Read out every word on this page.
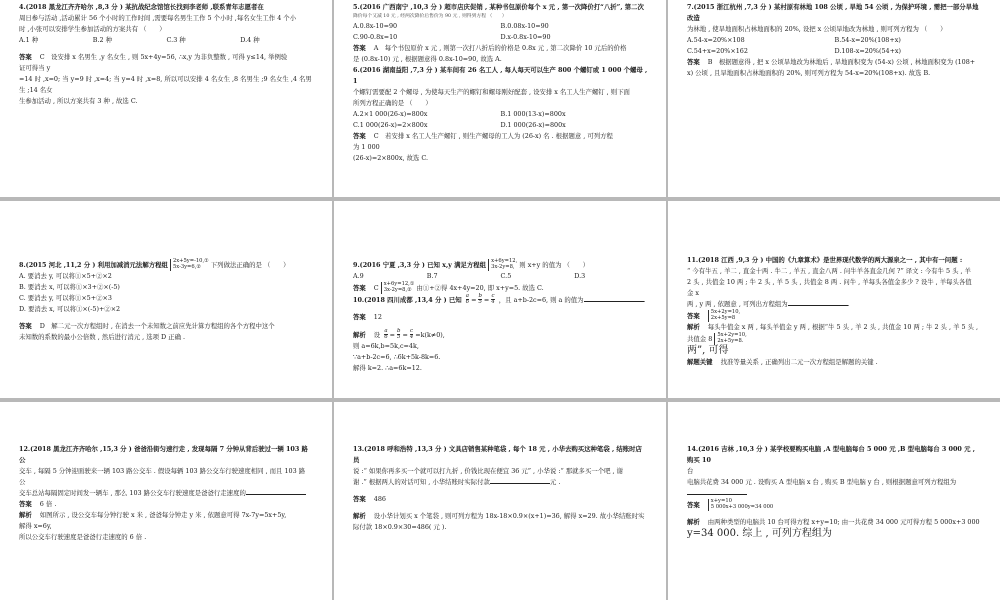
4.(2018 黑龙江齐齐哈尔 ,8,3 分 ) 某抗战纪念馆馆长找到李老师 ,联系青年志愿者在

周日参与活动 ,活动累计 56 个小时的工作时间 ,需要每名男生工作 5 个小时 ,每名女生工作 4 个小

时 ,小张可以安排学生参加活动的方案共有 （　　）

A.1 种	B.2 种	C.3 种	D.4 种

答案 C　设安排 x 名男生 ,y 名女生 , 则 5x+4y=56, ∴x,y 为非负整数 , 可得 y≤14, 举例验

证可得当 y

=14 时 ,x=0; 当 y=9 时 ,x=4; 当 y=4 时 ,x=8, 所以可以安排 4 名女生 ,8 名男生 ;9 名女生 ,4 名男生 ;14 名女

生参加活动 , 所以方案共有 3 种 , 故选 C.

5.(2016 广西南宁 ,10,3 分 ) 超市店庆促销 , 某种书包原价每个 x 元 , 第一次降价打“八折”, 第二次

降价每个又减 10 元 , 经两次降价后售价为 90 元 , 则得到方程 （　　）

A.0.8x-10=90	B.0.08x-10=90
C.90-0.8x=10	D.x-0.8x-10=90

答案 A　每个书包原价 x 元 , 则第一次打八折后的价格是 0.8x 元 , 第二次降价 10 元后的价格

是 (0.8x-10) 元 , 根据题意得 0.8x-10=90, 故选 A.

6.(2016 湖南益阳 ,7,3 分 ) 某车间有 26 名工人 , 每人每天可以生产 800 个螺钉或 1 000 个螺母 , 1

个螺钉需要配 2 个螺母 , 为使每天生产的螺钉和螺母刚好配套 , 设安排 x 名工人生产螺钉 , 则下面

所列方程正确的是 （　　）

A.2×1 000(26-x)=800x	B.1 000(13-x)=800x
C.1 000(26-x)=2×800x	D.1 000(26-x)=800x

答案 C　若安排 x 名工人生产螺钉 , 则生产螺母的工人为 (26-x) 名 . 根据题意 , 可列方程

为 1 000

(26-x)=2×800x, 故选 C.

7.(2015 浙江杭州 ,7,3 分 ) 某村原有林地 108 公顷 , 旱地 54 公顷 , 为保护环境 , 需把一部分旱地改造

为林地 , 使旱地面积占林地面积的 20%, 设把 x 公顷旱地改为林地 , 则可列方程为 （　　）

A.54-x=20%×108	B.54-x=20%(108+x)
C.54+x=20%×162	D.108-x=20%(54+x)

答案 B　根据题意得 , 把 x 公顷旱地改为林地后 , 旱地面积变为 (54-x) 公顷 , 林地面积变为 (108+

x) 公顷 , 且旱地面积占林地面积的 20%, 则可列方程为 54-x=20%(108+x). 故选 B.

8.(2015 河北 ,11,2 分 ) 利用加减消元法解方程组 2x+5y=-10,①
5x-3y=6,② 下列做法正确的是 （　　）

A. 要消去 y, 可以将①×5+②×2

B. 要消去 x, 可以将①×3+②×(-5)

C. 要消去 y, 可以将①×5+②×3

D. 要消去 x, 可以将①×(-5)+②×2

答案 D　解二元一次方程组时 , 在消去一个未知数之前应先计算方程组的各个方程中这个

未知数的系数的最小公倍数 , 然后进行消元 , 选项 D 正确 .

9.(2016 宁夏 ,3,3 分 ) 已知 x,y 满足方程组 x+6y=12,
3x-2y=8, 则 x+y 的值为 （　　）

A.9	B.7	C.5	D.3

答案 C x+6y=12,①
3x-2y=8,② 由①+②得 4x+4y=20, 即 x+y=5. 故选 C.

10.(2018 四川成都 ,13,4 分 ) 已知 $\frac{a}{6} = \frac{b}{5} = \frac{c}{4}$ ，且 a+b-2c=6, 则 a 的值为	.

答案 12

解析 设 $\frac{a}{6} = \frac{b}{5} = \frac{c}{4} =k(k\ne 0)$,

则 a=6k,b=5k,c=4k,

∵a+b-2c=6, ∴6k+5k-8k=6.

解得 k=2. ∴a=6k=12.

11.(2018 江西 ,9,3 分 ) 中国的《九章算术》是世界现代数学的两大源泉之一 , 其中有一问题 :

“ 今有牛五 , 羊二 , 直金十两 . 牛二 , 羊五 , 直金八两 . 问牛羊各直金几何 ?” 译文 : 今有牛 5 头 , 羊

2 头 , 共值金 10 两 ; 牛 2 头 , 羊 5 头 , 共值金 8 两 . 问牛 , 羊每头各值金多少 ? 设牛 , 羊每头各值

金 x

两 , y 两 , 依题意 , 可列出方程组为	.

答案 5x+2y=10,
2x+5y=8

解析 每头牛值金 x 两 , 每头羊值金 y 两 , 根据“牛 5 头 , 羊 2 头 , 共值金 10 两 ; 牛 2 头 , 羊 5 头 ,

共值金 8 5x+2y=10,
2x+5y=8.

两”, 可得

解题关键 找准等量关系 , 正确列出二元一次方程组是解题的关键 .

12.(2018 黑龙江齐齐哈尔 ,15,3 分 ) 爸爸沿街匀速行走 , 发现每隔 7 分钟从背后驶过一辆 103 路公

交车 , 每隔 5 分钟迎面驶来一辆 103 路公交车 . 假设每辆 103 路公交车行驶速度相同 , 而且 103 路

公

交车总站每隔固定时间发一辆车 , 那么 103 路公交车行驶速度是爸爸行走速度的

答案 6 倍 .

解析 如图所示 , 设公交车每分钟行驶 x 米 , 爸爸每分钟走 y 米 , 依题意可得 7x-7y=5x+5y,

解得 x=6y,

所以公交车行驶速度是爸爸行走速度的 6 倍 .

13.(2018 呼和浩特 ,13,3 分 ) 文具店销售某种笔袋 , 每个 18 元 , 小华去购买这种笔袋 , 结账时店员

说 :“ 如果你再多买一个就可以打九折 , 价钱比现在便宜 36 元” , 小华说 :“ 那就多买一个吧 , 谢

谢 .” 根据两人的对话可知 , 小华结账时实际付款	元 .

答案 486

解析 设小华计划买 x 个笔袋 , 则可列方程为 18x-18×0.9×(x+1)=36, 解得 x=29. 故小华结账时实

际付款 18×0.9×30=486( 元 ).

14.(2016 吉林 ,10,3 分 ) 某学校要购买电脑 ,A 型电脑每台 5 000 元 ,B 型电脑每台 3 000 元 , 购买 10

台

电脑共花费 34 000 元 . 设购买 A 型电脑 x 台 , 购买 B 型电脑 y 台 , 则根据题意可列方程组为

答案 x+y=10
5 000x+3 000y=34 000

解析 由两种类型的电脑共 10 台可得方程 x+y=10; 由一共花费 34 000 元可得方程 5 000x+3 000

y=34 000. 综上 , 可列方程组为
